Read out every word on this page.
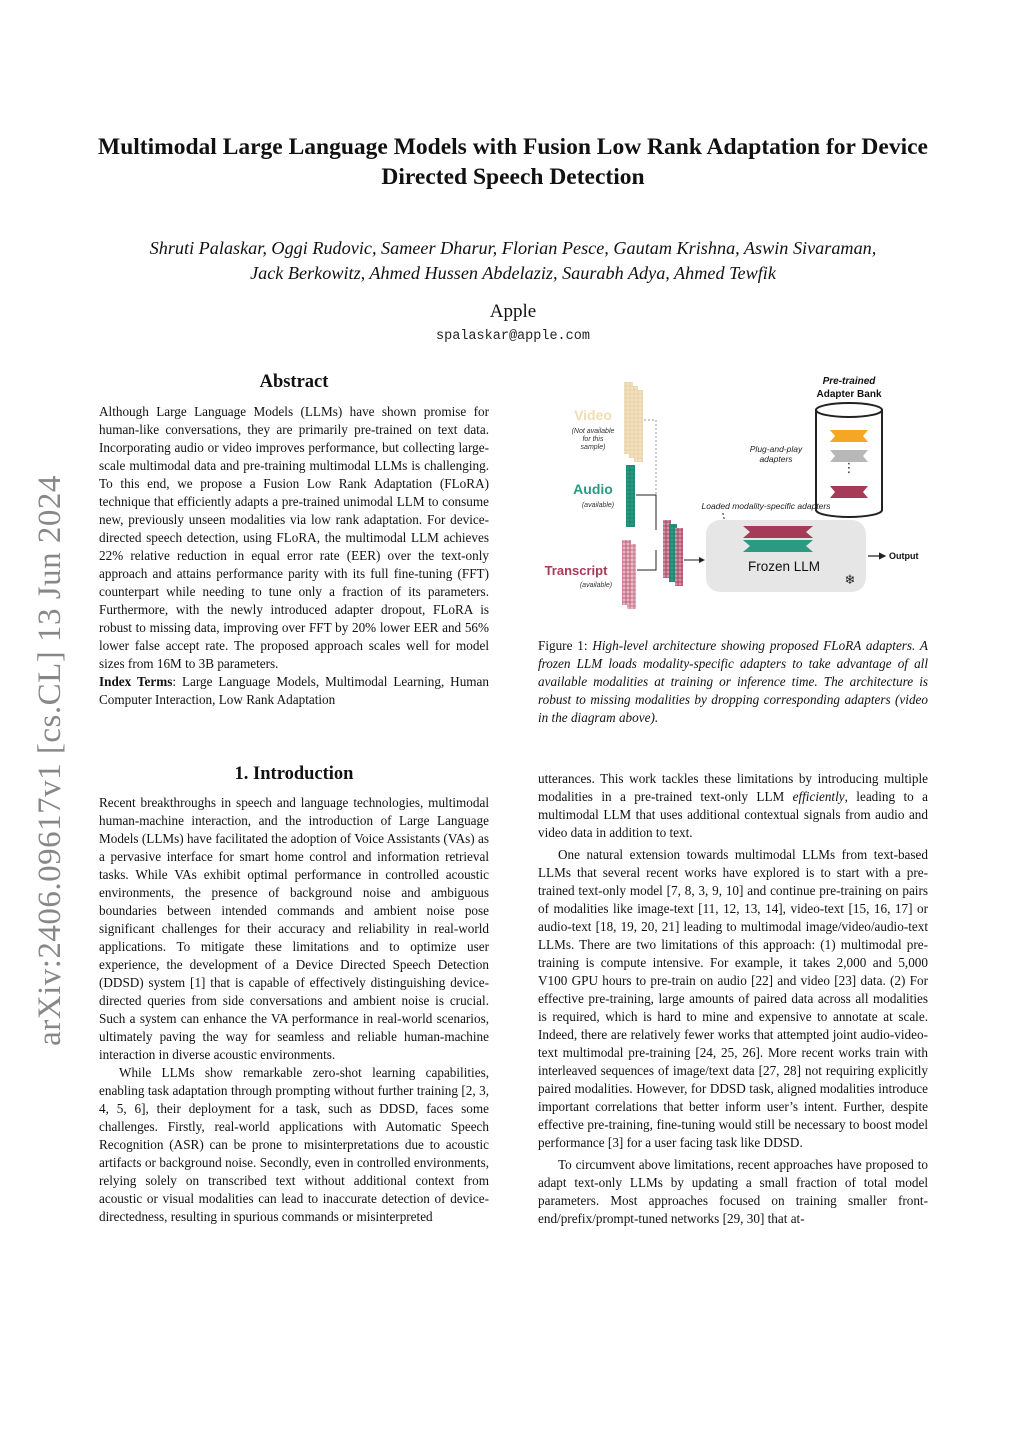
arXiv:2406.09617v1 [cs.CL] 13 Jun 2024
Multimodal Large Language Models with Fusion Low Rank Adaptation for Device Directed Speech Detection
Shruti Palaskar, Oggi Rudovic, Sameer Dharur, Florian Pesce, Gautam Krishna, Aswin Sivaraman,
Jack Berkowitz, Ahmed Hussen Abdelaziz, Saurabh Adya, Ahmed Tewfik
Apple
spalaskar@apple.com
Abstract

Although Large Language Models (LLMs) have shown promise for human-like conversations, they are primarily pre-trained on text data. Incorporating audio or video improves performance, but collecting large-scale multimodal data and pre-training multimodal LLMs is challenging. To this end, we propose a Fusion Low Rank Adaptation (FLoRA) technique that efficiently adapts a pre-trained unimodal LLM to consume new, previously unseen modalities via low rank adaptation. For device-directed speech detection, using FLoRA, the multimodal LLM achieves 22% relative reduction in equal error rate (EER) over the text-only approach and attains performance parity with its full fine-tuning (FFT) counterpart while needing to tune only a fraction of its parameters. Furthermore, with the newly introduced adapter dropout, FLoRA is robust to missing data, improving over FFT by 20% lower EER and 56% lower false accept rate. The proposed approach scales well for model sizes from 16M to 3B parameters.

Index Terms: Large Language Models, Multimodal Learning, Human Computer Interaction, Low Rank Adaptation

1. Introduction

Recent breakthroughs in speech and language technologies, multimodal human-machine interaction, and the introduction of Large Language Models (LLMs) have facilitated the adoption of Voice Assistants (VAs) as a pervasive interface for smart home control and information retrieval tasks. While VAs exhibit optimal performance in controlled acoustic environments, the presence of background noise and ambiguous boundaries between intended commands and ambient noise pose significant challenges for their accuracy and reliability in real-world applications. To mitigate these limitations and to optimize user experience, the development of a Device Directed Speech Detection (DDSD) system [1] that is capable of effectively distinguishing device-directed queries from side conversations and ambient noise is crucial. Such a system can enhance the VA performance in real-world scenarios, ultimately paving the way for seamless and reliable human-machine interaction in diverse acoustic environments.

While LLMs show remarkable zero-shot learning capabilities, enabling task adaptation through prompting without further training [2, 3, 4, 5, 6], their deployment for a task, such as DDSD, faces some challenges. Firstly, real-world applications with Automatic Speech Recognition (ASR) can be prone to misinterpretations due to acoustic artifacts or background noise. Secondly, even in controlled environments, relying solely on transcribed text without additional context from acoustic or visual modalities can lead to inaccurate detection of device-directedness, resulting in spurious commands or misinterpreted

Video
(Not available
for this
sample)
Audio
(available)
Transcript
(available)
⋮
Pre-trained
Adapter Bank
Plug-and-play
adapters
Loaded modality-specific adapters
Frozen LLM
❄
Output
Figure 1: High-level architecture showing proposed FLoRA adapters. A frozen LLM loads modality-specific adapters to take advantage of all available modalities at training or inference time. The architecture is robust to missing modalities by dropping corresponding adapters (video in the diagram above).

utterances. This work tackles these limitations by introducing multiple modalities in a pre-trained text-only LLM efficiently, leading to a multimodal LLM that uses additional contextual signals from audio and video data in addition to text.

One natural extension towards multimodal LLMs from text-based LLMs that several recent works have explored is to start with a pre-trained text-only model [7, 8, 3, 9, 10] and continue pre-training on pairs of modalities like image-text [11, 12, 13, 14], video-text [15, 16, 17] or audio-text [18, 19, 20, 21] leading to multimodal image/video/audio-text LLMs. There are two limitations of this approach: (1) multimodal pre-training is compute intensive. For example, it takes 2,000 and 5,000 V100 GPU hours to pre-train on audio [22] and video [23] data. (2) For effective pre-training, large amounts of paired data across all modalities is required, which is hard to mine and expensive to annotate at scale. Indeed, there are relatively fewer works that attempted joint audio-video-text multimodal pre-training [24, 25, 26]. More recent works train with interleaved sequences of image/text data [27, 28] not requiring explicitly paired modalities. However, for DDSD task, aligned modalities introduce important correlations that better inform user’s intent. Further, despite effective pre-training, fine-tuning would still be necessary to boost model performance [3] for a user facing task like DDSD.

To circumvent above limitations, recent approaches have proposed to adapt text-only LLMs by updating a small fraction of total model parameters. Most approaches focused on training smaller front-end/prefix/prompt-tuned networks [29, 30] that at-
